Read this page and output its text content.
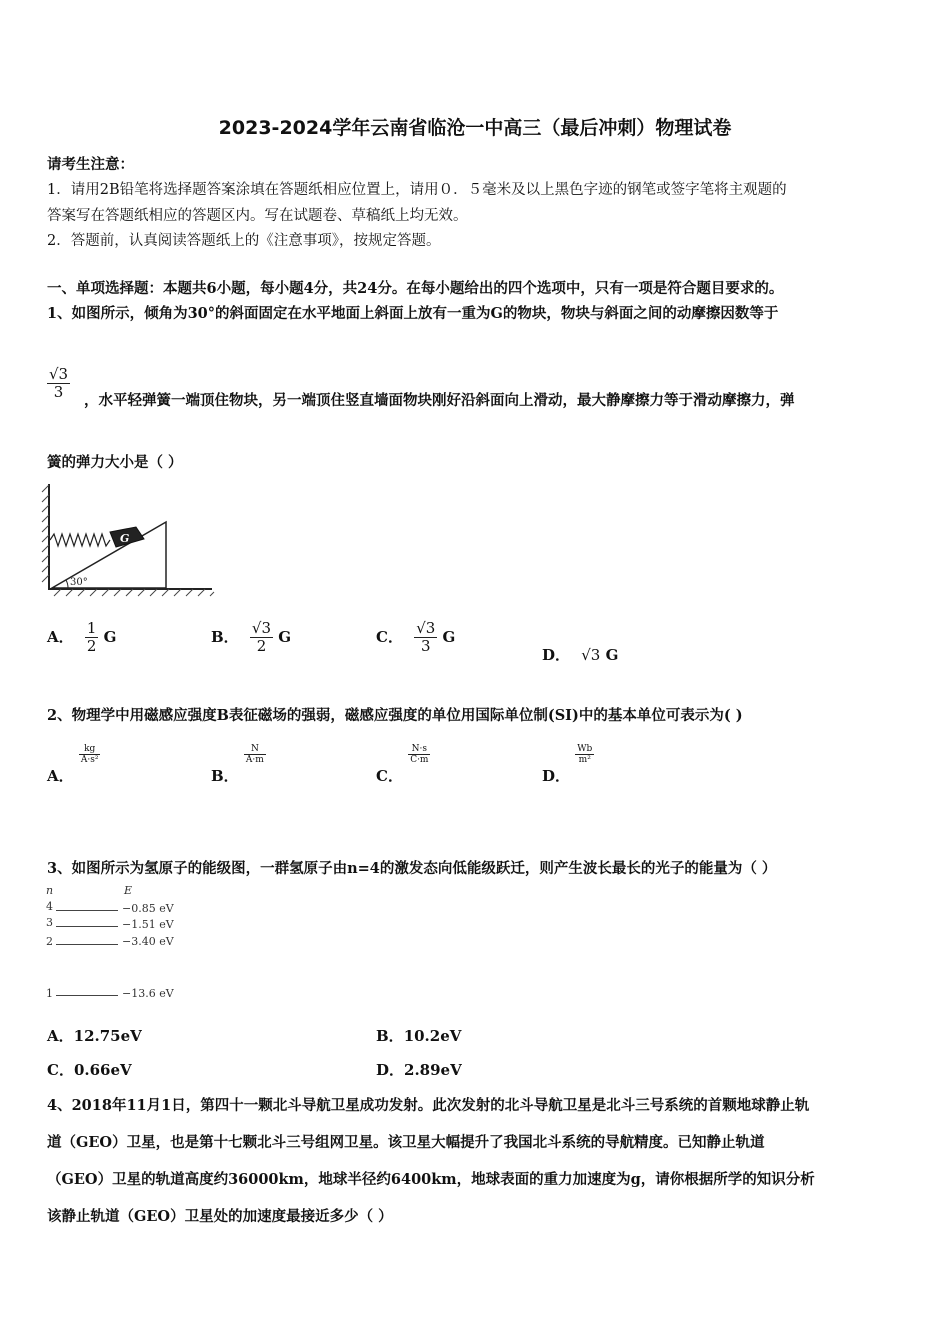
2023-2024学年云南省临沧一中高三（最后冲刺）物理试卷
请考生注意：
1．请用2B铅笔将选择题答案涂填在答题纸相应位置上，请用０．５毫米及以上黑色字迹的钢笔或签字笔将主观题的
答案写在答题纸相应的答题区内。写在试题卷、草稿纸上均无效。
2．答题前，认真阅读答题纸上的《注意事项》，按规定答题。
一、单项选择题：本题共6小题，每小题4分，共24分。在每小题给出的四个选项中，只有一项是符合题目要求的。
1、如图所示，倾角为30°的斜面固定在水平地面上斜面上放有一重为G的物块，物块与斜面之间的动摩擦因数等于
$\frac{√3}{3}$ ，水平轻弹簧一端顶住物块，另一端顶住竖直墙面物块刚好沿斜面向上滑动，最大静摩擦力等于滑动摩擦力，弹
簧的弹力大小是（ ）
G
30°
A． $\frac{1}{2}$ G	B． $\frac{√3}{2}$ G	C． $\frac{√3}{3}$ G
D． √3 G
2、物理学中用磁感应强度B表征磁场的强弱，磁感应强度的单位用国际单位制(SI)中的基本单位可表示为( )
A．
$\frac{kg}{\text{A·s²}}$
B．
$\frac{N}{A\cdot m}$
C．
$\frac{N\cdot s}{C\cdot m}$
D．
$\frac{Wb}{\text{m²}}$
3、如图所示为氢原子的能级图，一群氢原子由n=4的激发态向低能级跃迁，则产生波长最长的光子的能量为（ ）
n	E
4	−0.85 eV
3	−1.51 eV
2	−3.40 eV
1	−13.6 eV
A．12.75eV	B．10.2eV
C．0.66eV	D．2.89eV
4、2018年11月1日，第四十一颗北斗导航卫星成功发射。此次发射的北斗导航卫星是北斗三号系统的首颗地球静止轨
道（GEO）卫星，也是第十七颗北斗三号组网卫星。该卫星大幅提升了我国北斗系统的导航精度。已知静止轨道
（GEO）卫星的轨道高度约36000km，地球半径约6400km，地球表面的重力加速度为g，请你根据所学的知识分析
该静止轨道（GEO）卫星处的加速度最接近多少（ ）
